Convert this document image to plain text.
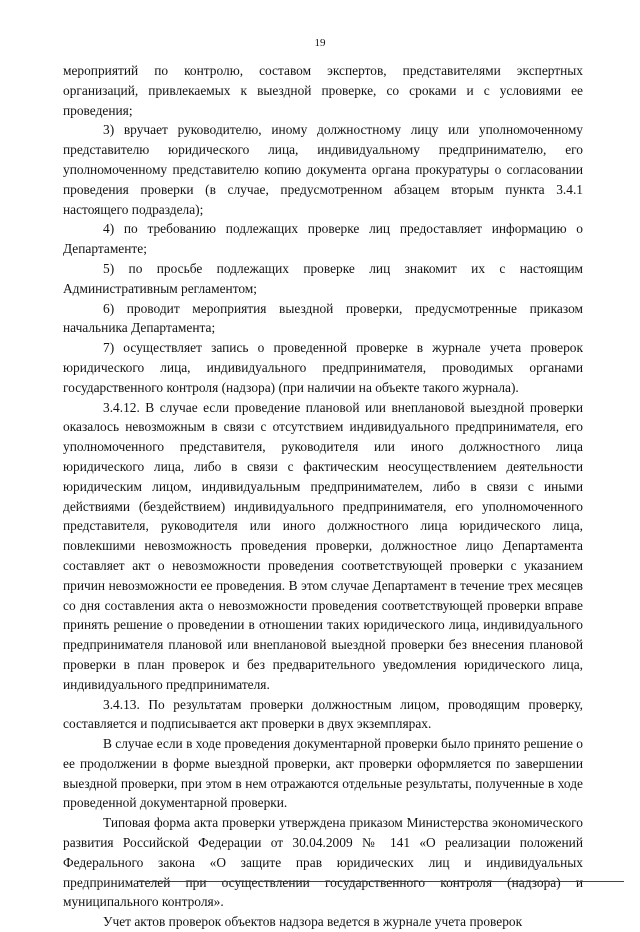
19

мероприятий по контролю, составом экспертов, представителями экспертных организаций, привлекаемых к выездной проверке, со сроками и с условиями ее проведения;

3) вручает руководителю, иному должностному лицу или уполномоченному представителю юридического лица, индивидуальному предпринимателю, его уполномоченному представителю копию документа органа прокуратуры о согласовании проведения проверки (в случае, предусмотренном абзацем вторым пункта 3.4.1 настоящего подраздела);

4) по требованию подлежащих проверке лиц предоставляет информацию о Департаменте;

5) по просьбе подлежащих проверке лиц знакомит их с настоящим Административным регламентом;

6) проводит мероприятия выездной проверки, предусмотренные приказом начальника Департамента;

7) осуществляет запись о проведенной проверке в журнале учета проверок юридического лица, индивидуального предпринимателя, проводимых органами государственного контроля (надзора) (при наличии на объекте такого журнала).

3.4.12. В случае если проведение плановой или внеплановой выездной проверки оказалось невозможным в связи с отсутствием индивидуального предпринимателя, его уполномоченного представителя, руководителя или иного должностного лица юридического лица, либо в связи с фактическим неосуществлением деятельности юридическим лицом, индивидуальным предпринимателем, либо в связи с иными действиями (бездействием) индивидуального предпринимателя, его уполномоченного представителя, руководителя или иного должностного лица юридического лица, повлекшими невозможность проведения проверки, должностное лицо Департамента составляет акт о невозможности проведения соответствующей проверки с указанием причин невозможности ее проведения. В этом случае Департамент в течение трех месяцев со дня составления акта о невозможности проведения соответствующей проверки вправе принять решение о проведении в отношении таких юридического лица, индивидуального предпринимателя плановой или внеплановой выездной проверки без внесения плановой проверки в план проверок и без предварительного уведомления юридического лица, индивидуального предпринимателя.

3.4.13. По результатам проверки должностным лицом, проводящим проверку, составляется и подписывается акт проверки в двух экземплярах.

В случае если в ходе проведения документарной проверки было принято решение о ее продолжении в форме выездной проверки, акт проверки оформляется по завершении выездной проверки, при этом в нем отражаются отдельные результаты, полученные в ходе проведенной документарной проверки.

Типовая форма акта проверки утверждена приказом Министерства экономического развития Российской Федерации от 30.04.2009 № 141 «О реализации положений Федерального закона «О защите прав юридических лиц и индивидуальных предпринимателей при осуществлении государственного контроля (надзора) и муниципального контроля».

Учет актов проверок объектов надзора ведется в журнале учета проверок
